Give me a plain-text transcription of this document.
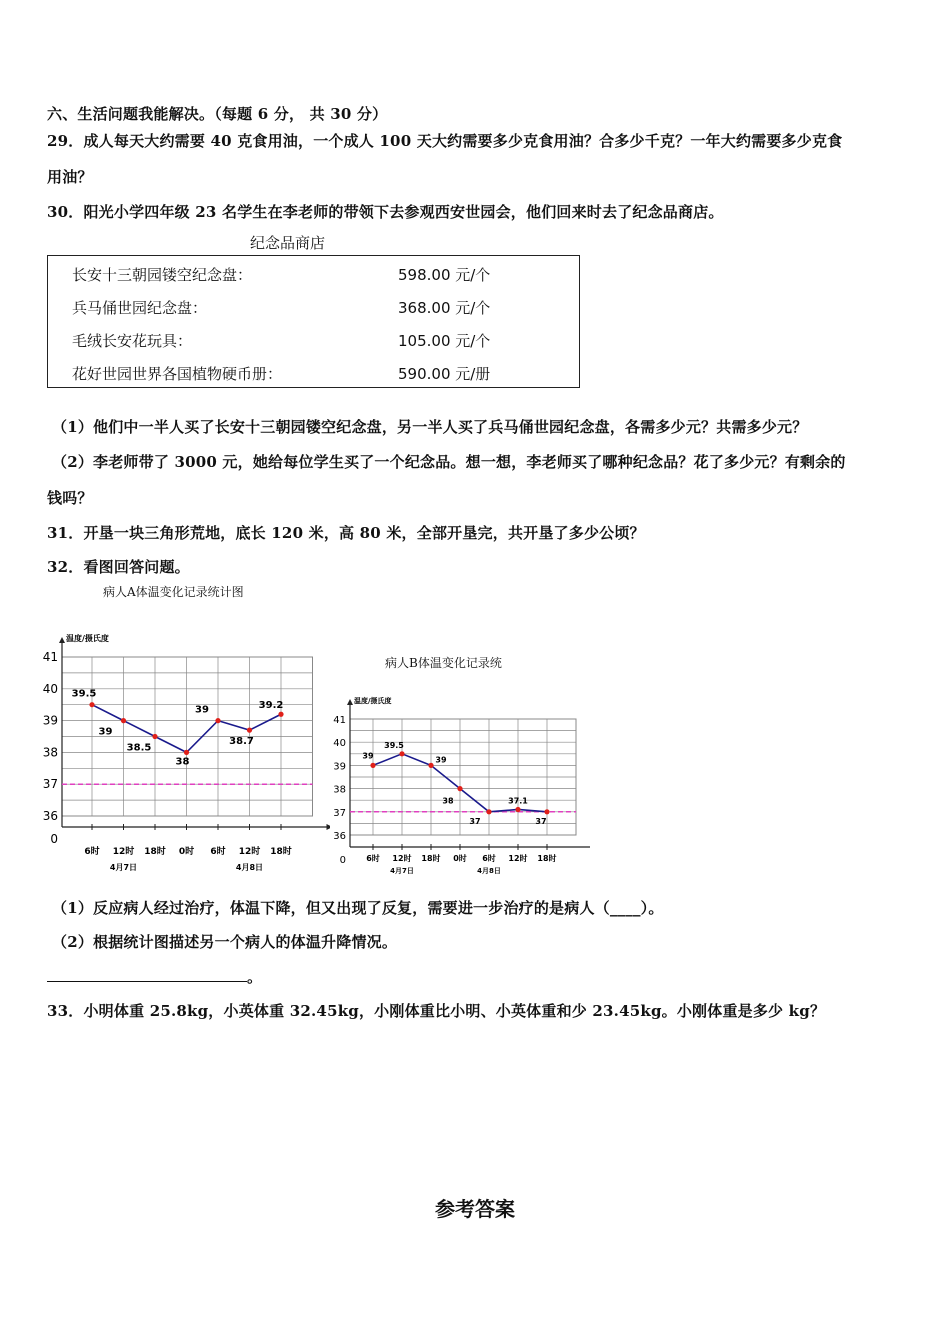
六、生活问题我能解决。（每题 6 分， 共 30 分）
29．成人每天大约需要 40 克食用油，一个成人 100 天大约需要多少克食用油？合多少千克？一年大约需要多少克食
用油？
30．阳光小学四年级 23 名学生在李老师的带领下去参观西安世园会，他们回来时去了纪念品商店。
纪念品商店
长安十三朝园镂空纪念盘：	598.00 元/个
兵马俑世园纪念盘：	368.00 元/个
毛绒长安花玩具：	105.00 元/个
花好世园世界各国植物硬币册：	590.00 元/册
（1）他们中一半人买了长安十三朝园镂空纪念盘，另一半人买了兵马俑世园纪念盘，各需多少元？共需多少元？
（2）李老师带了 3000 元，她给每位学生买了一个纪念品。想一想，李老师买了哪种纪念品？花了多少元？有剩余的
钱吗？
31．开垦一块三角形荒地，底长 120 米，高 80 米，全部开垦完，共开垦了多少公顷？
32．看图回答问题。
病人A体温变化记录统计图
病人B体温变化记录统
温度/摄氏度
36
37
38
39
40
41
0
6时 12时 18时 0时 6时 12时 18时
4月7日	4月8日
39.5
39
38.5
38
39
38.7
39.2	温度/摄氏度
36
37
38
39
40
41
0	6时 12时 18时 0时 6时 12时 18时
4月7日	4月8日
39
39.5
39
38
37
37.1
37
（1）反应病人经过治疗，体温下降，但又出现了反复，需要进一步治疗的是病人（____）。
（2）根据统计图描述另一个病人的体温升降情况。
。
33．小明体重 25.8kg，小英体重 32.45kg，小刚体重比小明、小英体重和少 23.45kg。小刚体重是多少 kg？
参考答案
